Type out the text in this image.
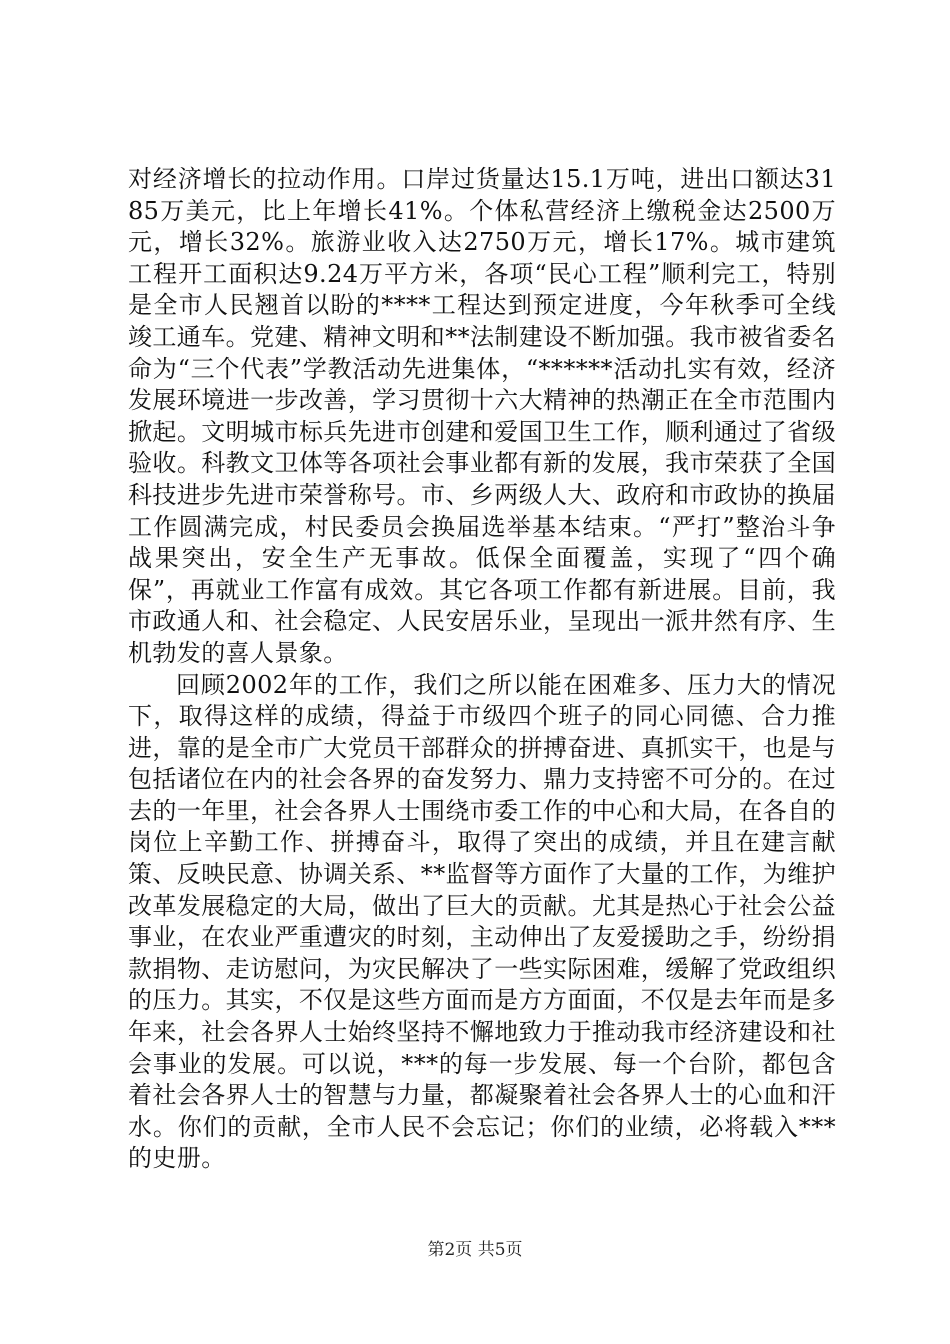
对经济增长的拉动作用。口岸过货量达15.1万吨，进出口额达3185万美元，比上年增长41%。个体私营经济上缴税金达2500万元，增长32%。旅游业收入达2750万元，增长17%。城市建筑工程开工面积达9.24万平方米，各项“民心工程”顺利完工，特别是全市人民翘首以盼的****工程达到预定进度，今年秋季可全线竣工通车。党建、精神文明和**法制建设不断加强。我市被省委名命为“三个代表”学教活动先进集体，“******活动扎实有效，经济发展环境进一步改善，学习贯彻十六大精神的热潮正在全市范围内掀起。文明城市标兵先进市创建和爱国卫生工作，顺利通过了省级验收。科教文卫体等各项社会事业都有新的发展，我市荣获了全国科技进步先进市荣誉称号。市、乡两级人大、政府和市政协的换届工作圆满完成，村民委员会换届选举基本结束。“严打”整治斗争战果突出，安全生产无事故。低保全面覆盖，实现了“四个确保”，再就业工作富有成效。其它各项工作都有新进展。目前，我市政通人和、社会稳定、人民安居乐业，呈现出一派井然有序、生机勃发的喜人景象。

回顾2002年的工作，我们之所以能在困难多、压力大的情况下，取得这样的成绩，得益于市级四个班子的同心同德、合力推进，靠的是全市广大党员干部群众的拼搏奋进、真抓实干，也是与包括诸位在内的社会各界的奋发努力、鼎力支持密不可分的。在过去的一年里，社会各界人士围绕市委工作的中心和大局，在各自的岗位上辛勤工作、拼搏奋斗，取得了突出的成绩，并且在建言献策、反映民意、协调关系、**监督等方面作了大量的工作，为维护改革发展稳定的大局，做出了巨大的贡献。尤其是热心于社会公益事业，在农业严重遭灾的时刻，主动伸出了友爱援助之手，纷纷捐款捐物、走访慰问，为灾民解决了一些实际困难，缓解了党政组织的压力。其实，不仅是这些方面而是方方面面，不仅是去年而是多年来，社会各界人士始终坚持不懈地致力于推动我市经济建设和社会事业的发展。可以说，***的每一步发展、每一个台阶，都包含着社会各界人士的智慧与力量，都凝聚着社会各界人士的心血和汗水。你们的贡献，全市人民不会忘记；你们的业绩，必将载入***的史册。

第2页 共5页
